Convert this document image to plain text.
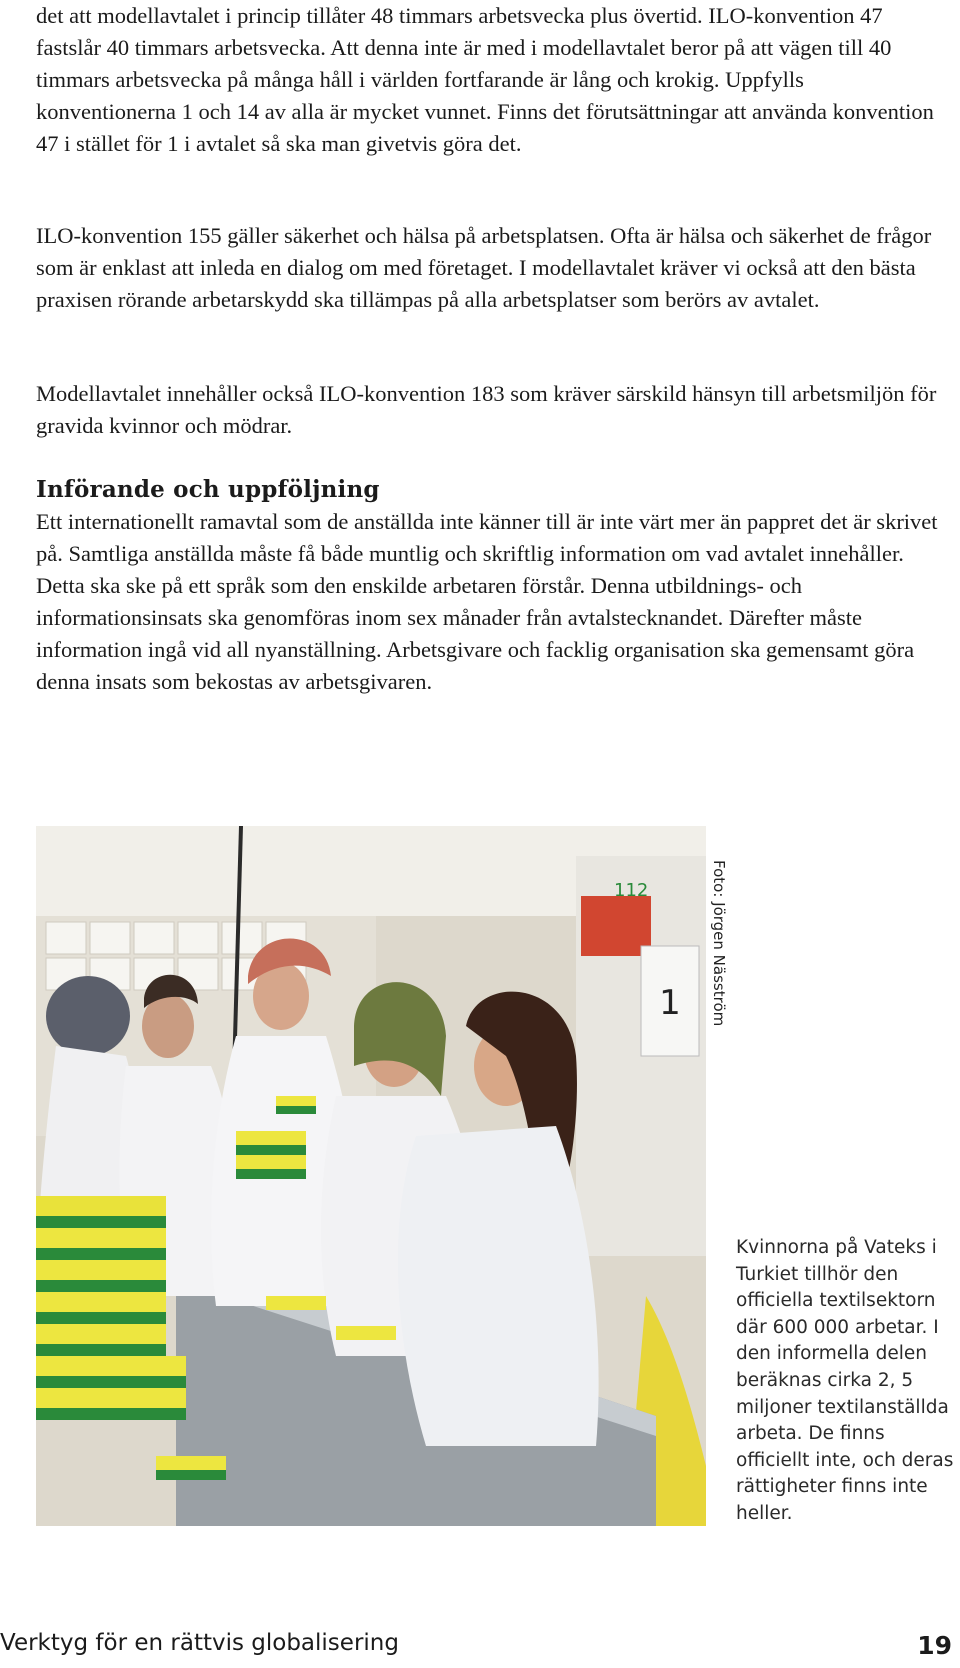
det att modellavtalet i princip tillåter 48 timmars arbetsvecka plus övertid. ILO-konvention 47 fastslår 40 timmars arbetsvecka. Att denna inte är med i modellavtalet beror på att vägen till 40 timmars arbetsvecka på många håll i världen fortfarande är lång och krokig. Uppfylls konventionerna 1 och 14 av alla är mycket vunnet. Finns det förutsättningar att använda konvention 47 i stället för 1 i avtalet så ska man givetvis göra det.

ILO-konvention 155 gäller säkerhet och hälsa på arbetsplatsen. Ofta är hälsa och säkerhet de frågor som är enklast att inleda en dialog om med företaget. I modellavtalet kräver vi också att den bästa praxisen rörande arbetarskydd ska tillämpas på alla arbetsplatser som berörs av avtalet.

Modellavtalet innehåller också ILO-konvention 183 som kräver särskild hänsyn till arbetsmiljön för gravida kvinnor och mödrar.

Införande och uppföljning

Ett internationellt ramavtal som de anställda inte känner till är inte värt mer än pappret det är skrivet på. Samtliga anställda måste få både muntlig och skriftlig information om vad avtalet innehåller. Detta ska ske på ett språk som den enskilde arbetaren förstår. Denna utbildnings- och informationsinsats ska genomföras inom sex månader från avtalstecknandet. Därefter måste information ingå vid all nyanställning. Arbetsgivare och facklig organisation ska gemensamt göra denna insats som bekostas av arbetsgivaren.

1
112	Foto: Jörgen Näsström

Kvinnorna på Vateks i Turkiet tillhör den officiella textilsektorn där 600 000 arbetar. I den informella delen beräknas cirka 2, 5 miljoner textilanställda arbeta. De finns officiellt inte, och deras rättigheter finns inte heller.

Verktyg för en rättvis globalisering	19
